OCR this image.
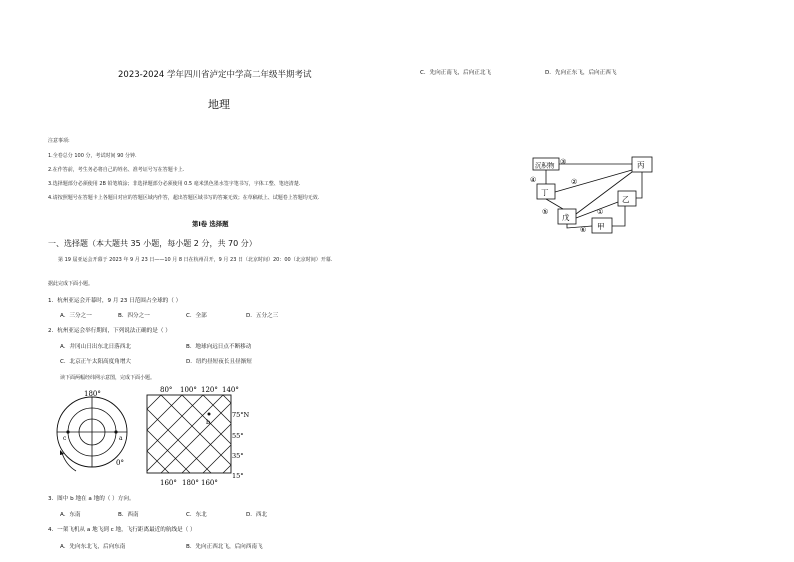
2023-2024 学年四川省泸定中学高二年级半期考试
地理
注意事项:
1.全卷总分 100 分，考试时间 90 分钟.
2.在作答前，考生务必将自己的姓名、准考证号写在答题卡上.
3.选择题部分必须使用 2B 铅笔填涂；非选择题部分必须使用 0.5 毫米黑色墨水签字笔书写，字体工整、笔迹清楚.
4.请按照题号在答题卡上各题目对应的答题区域内作答，超出答题区域书写的答案无效；在草稿纸上、试题卷上答题均无效.
第Ⅰ卷 选择题
一、选择题（本大题共 35 小题，每小题 2 分，共 70 分）
第 19 届亚运会开幕于 2023 年 9 月 23 日——10 月 8 日在杭州召开，9 月 23 日（北京时间）20：00（北京时间）开幕.
据此完成下面小题。
1．杭州亚运会开幕时，9 月 23 日范围占全球的（ ）
A．三分之一	B．四分之一	C．全部	D．五分之三
2．杭州亚运会举行期间，下列说法正确的是（ ）
A．井冈山日出东北日落西北	B．地球向远日点不断移动
C．北京正午太阳高度角增大	D．纽约昼短夜长且昼渐短
读下面两幅经纬网示意图，完成下面小题。
180°
c	a
0°
80° 100° 120° 140°
b
75°N
55°
35°
15°
160° 180° 160°
3．图中 b 地在 a 地的（ ）方向。
A．东南	B．西南	C．东北	D．西北
4．一架飞机从 a 地飞到 c 地，飞行距离最近的航线是（ ）
A．先向东北飞，后向东南	B．先向正西北飞，后向西南飞
C．先向正南飞，后向正北飞	D．先向正东飞，后向正西飞
沉积物	丙
丁
乙
戊
甲
③
④	②
⑤	①
⑥
